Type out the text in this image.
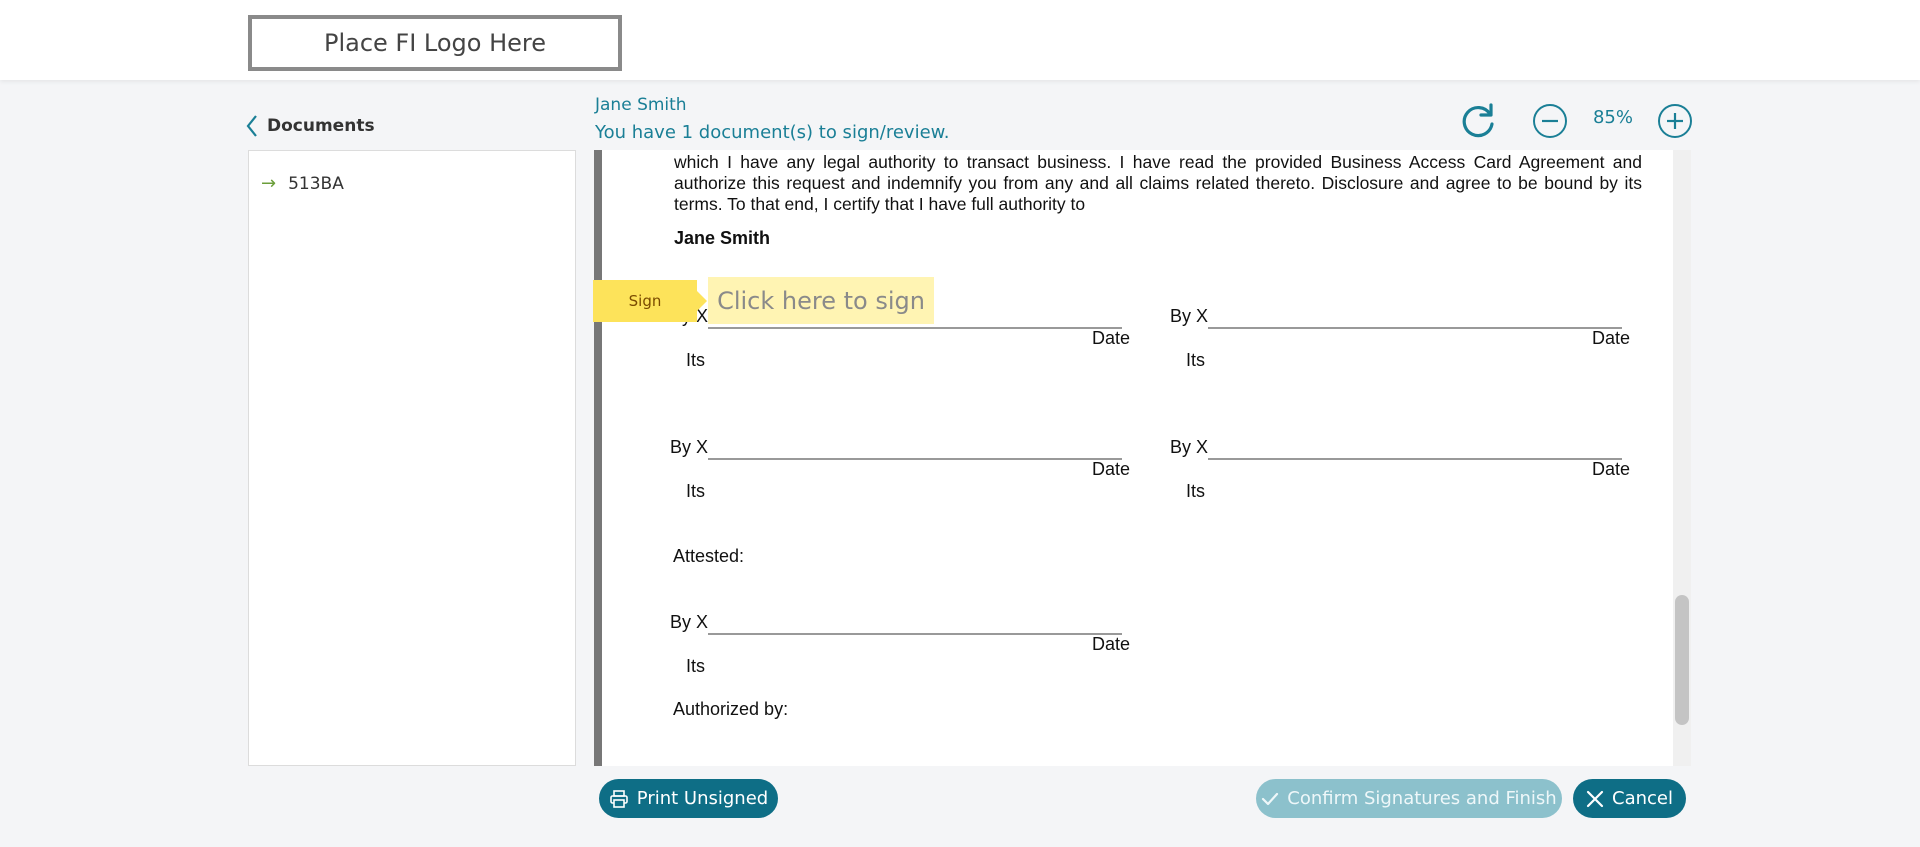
Place FI Logo Here
Documents
→ 513BA
Jane Smith
You have 1 document(s) to sign/review.
85%
which I have any legal authority to transact business. I have read the provided Business Access Card Agreement and authorize this request and indemnify you from any and all claims related thereto. Disclosure and agree to be bound by its terms. To that end, I certify that I have full authority to
Jane Smith
X
Date
Its
By X
Date
Its
By X
Date
Its
By X
Date
Its
Attested:
By X
Date
Its
Authorized by:
Sign	Click here to sign
Print Unsigned	Confirm Signatures and Finish	Cancel
